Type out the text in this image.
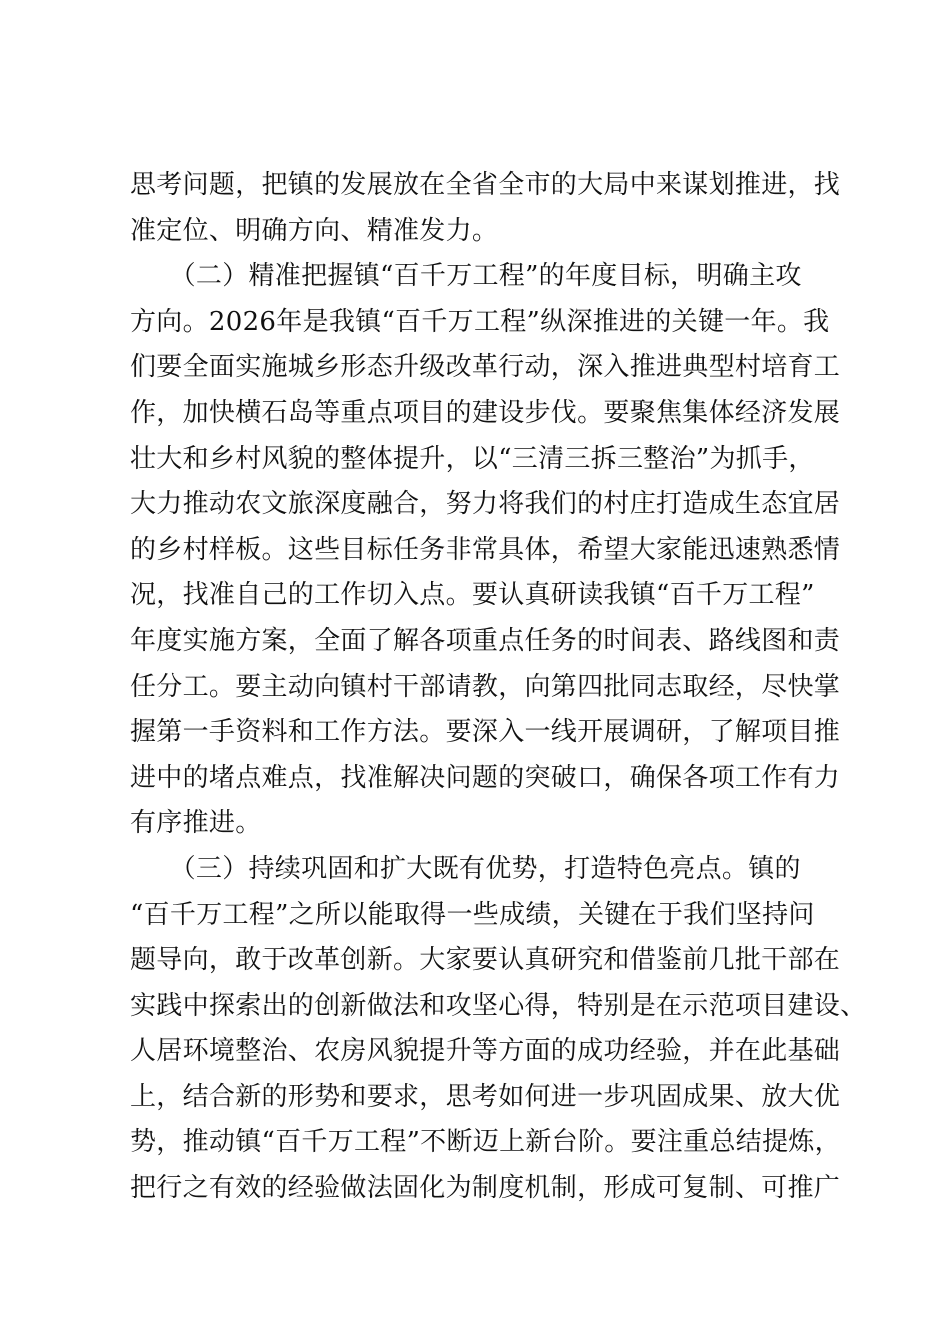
思考问题，把镇的发展放在全省全市的大局中来谋划推进，找
准定位、明确方向、精准发力。
　　（二）精准把握镇“百千万工程”的年度目标，明确主攻
方向。2026年是我镇“百千万工程”纵深推进的关键一年。我
们要全面实施城乡形态升级改革行动，深入推进典型村培育工
作，加快横石岛等重点项目的建设步伐。要聚焦集体经济发展
壮大和乡村风貌的整体提升，以“三清三拆三整治”为抓手，
大力推动农文旅深度融合，努力将我们的村庄打造成生态宜居
的乡村样板。这些目标任务非常具体，希望大家能迅速熟悉情
况，找准自己的工作切入点。要认真研读我镇“百千万工程”
年度实施方案，全面了解各项重点任务的时间表、路线图和责
任分工。要主动向镇村干部请教，向第四批同志取经，尽快掌
握第一手资料和工作方法。要深入一线开展调研，了解项目推
进中的堵点难点，找准解决问题的突破口，确保各项工作有力
有序推进。
　　（三）持续巩固和扩大既有优势，打造特色亮点。镇的
“百千万工程”之所以能取得一些成绩，关键在于我们坚持问
题导向，敢于改革创新。大家要认真研究和借鉴前几批干部在
实践中探索出的创新做法和攻坚心得，特别是在示范项目建设、
人居环境整治、农房风貌提升等方面的成功经验，并在此基础
上，结合新的形势和要求，思考如何进一步巩固成果、放大优
势，推动镇“百千万工程”不断迈上新台阶。要注重总结提炼，
把行之有效的经验做法固化为制度机制，形成可复制、可推广
